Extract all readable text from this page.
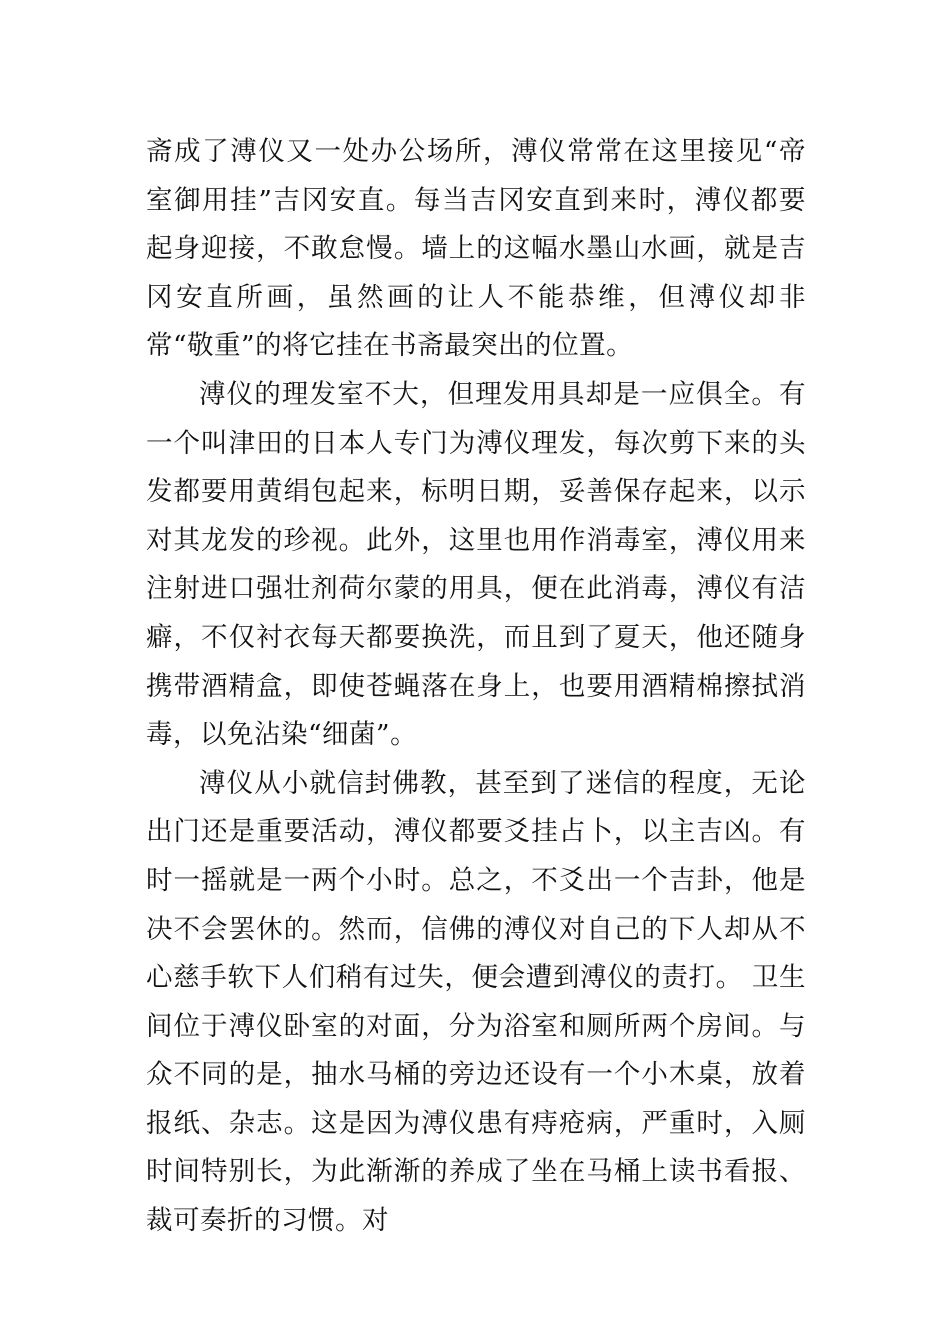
斋成了溥仪又一处办公场所，溥仪常常在这里接见“帝室御用挂”吉冈安直。每当吉冈安直到来时，溥仪都要起身迎接，不敢怠慢。墙上的这幅水墨山水画，就是吉冈安直所画，虽然画的让人不能恭维，但溥仪却非常“敬重”的将它挂在书斋最突出的位置。

溥仪的理发室不大，但理发用具却是一应俱全。有一个叫津田的日本人专门为溥仪理发，每次剪下来的头发都要用黄绢包起来，标明日期，妥善保存起来，以示对其龙发的珍视。此外，这里也用作消毒室，溥仪用来注射进口强壮剂荷尔蒙的用具，便在此消毒，溥仪有洁癖，不仅衬衣每天都要换洗，而且到了夏天，他还随身携带酒精盒，即使苍蝇落在身上，也要用酒精棉擦拭消毒，以免沾染“细菌”。

溥仪从小就信封佛教，甚至到了迷信的程度，无论出门还是重要活动，溥仪都要爻挂占卜，以主吉凶。有时一摇就是一两个小时。总之，不爻出一个吉卦，他是决不会罢休的。然而，信佛的溥仪对自己的下人却从不心慈手软下人们稍有过失，便会遭到溥仪的责打。 卫生间位于溥仪卧室的对面，分为浴室和厕所两个房间。与众不同的是，抽水马桶的旁边还设有一个小木桌，放着报纸、杂志。这是因为溥仪患有痔疮病，严重时，入厕时间特别长，为此渐渐的养成了坐在马桶上读书看报、裁可奏折的习惯。对
